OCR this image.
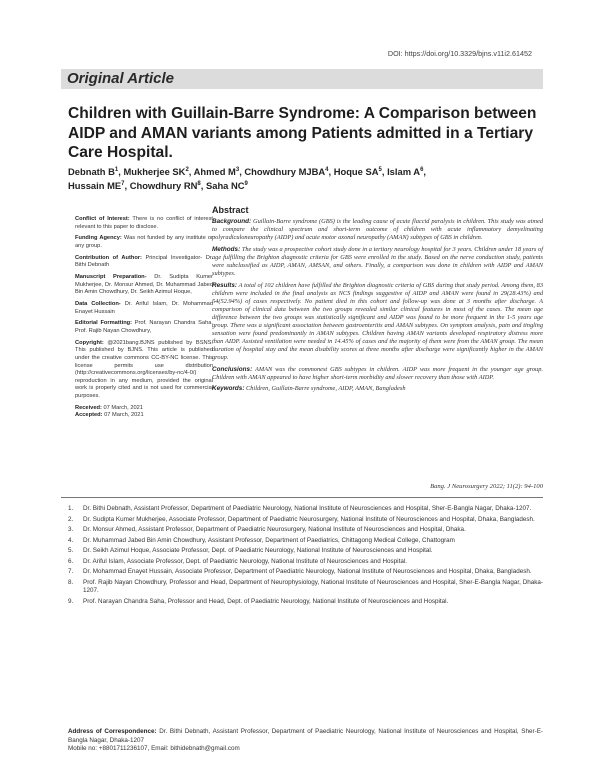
DOI: https://doi.org/10.3329/bjns.v11i2.61452
Original Article
Children with Guillain-Barre Syndrome: A Comparison between AIDP and AMAN variants among Patients admitted in a Tertiary Care Hospital.
Debnath $B^1$, Mukherjee $SK^2$, Ahmed $M^3$, Chowdhury MJBA$^4$, Hoque $SA^5$, Islam $A^6$,
Hussain $ME^7$, Chowdhury $RN^8$, Saha $NC^9$

Conflict of Interest: There is no conflict of interest relevant to this paper to disclose.

Funding Agency: Was not funded by any institute or any group.

Contribution of Author: Principal Investigator- Dr. Bithi Debnath

Manuscript Preparation- Dr. Sudipta Kumer Mukherjee, Dr. Monsur Ahmed, Dr. Muhammad Jabed Bin Amin Chowdhury, Dr. Seikh Azimul Hoque,

Data Collection- Dr. Ariful Islam, Dr. Mohammad Enayet Hussain

Editorial Formatting: Prof. Narayan Chandra Saha, Prof. Rajib Nayan Chowdhury,

Copyright: @2021bang.BJNS published by BSNS. This published by BJNS. This article is published under the creative commons CC-BY-NC license. This license permits use distribution (http://creativecommons.org/licenses/by-nc/4-0/) reproduction in any medium, provided the original work is properly cited and is not used for commercial purposes.

Received: 07 March, 2021
Accepted: 07 March, 2021
Abstract

Background: Guillain-Barre syndrome (GBS) is the leading cause of acute flaccid paralysis in children. This study was aimed to compare the clinical spectrum and short-term outcome of children with acute inflammatory demyelinating polyradiculoneuropathy (AIDP) and acute motor axonal neuropathy (AMAN) subtypes of GBS in children.

Methods: The study was a prospective cohort study done in a tertiary neurology hospital for 3 years. Children under 18 years of age fulfilling the Brighton diagnostic criteria for GBS were enrolled in the study. Based on the nerve conduction study, patients were subclassified as AIDP, AMAN, AMSAN, and others. Finally, a comparison was done in children with AIDP and AMAN subtypes.

Results: A total of 102 children have fulfilled the Brighton diagnostic criteria of GBS during that study period. Among them, 83 children were included in the final analysis as NCS findings suggestive of AIDP and AMAN were found in 29(28.43%) and 54(52.94%) of cases respectively. No patient died in this cohort and follow-up was done at 3 months after discharge. A comparison of clinical data between the two groups revealed similar clinical features in most of the cases. The mean age difference between the two groups was statistically significant and AIDP was found to be more frequent in the 1-5 years age group. There was a significant association between gastroenteritis and AMAN subtypes. On symptom analysis, pain and tingling sensation were found predominantly in AMAN subtypes. Children having AMAN variants developed respiratory distress more than AIDP. Assisted ventilation were needed in 14.45% of cases and the majority of them were from the AMAN group. The mean duration of hospital stay and the mean disability scores at three months after discharge were significantly higher in the AMAN group.

Conclusions: AMAN was the commonest GBS subtypes in children. AIDP was more frequent in the younger age group. Children with AMAN appeared to have higher short-term morbidity and slower recovery than those with AIDP.

Keywords: Children, Guillain-Barre syndrome, AIDP, AMAN, Bangladesh

Bang. J Neurosurgery 2022; 11(2): 94-100
1. Dr. Bithi Debnath, Assistant Professor, Department of Paediatric Neurology, National Institute of Neurosciences and Hospital, Sher-E-Bangla Nagar, Dhaka-1207.
2. Dr. Sudipta Kumer Mukherjee, Associate Professor, Department of Paediatric Neurosurgery, National Institute of Neurosciences and Hospital, Dhaka, Bangladesh.
3. Dr. Monsur Ahmed, Assistant Professor, Department of Paediatric Neurosurgery, National Institute of Neurosciences and Hospital, Dhaka.
4. Dr. Muhammad Jabed Bin Amin Chowdhury, Assistant Professor, Department of Paediatrics, Chittagong Medical College, Chattogram
5. Dr. Seikh Azimul Hoque, Associate Professor, Dept. of Paediatric Neurology, National Institute of Neurosciences and Hospital.
6. Dr. Ariful Islam, Associate Professor, Dept. of Paediatric Neurology, National Institute of Neurosciences and Hospital.
7. Dr. Mohammad Enayet Hussain, Associate Professor, Department of Paediatric Neurology, National Institute of Neurosciences and Hospital, Dhaka, Bangladesh.
8. Prof. Rajib Nayan Chowdhury, Professor and Head, Department of Neurophysiology, National Institute of Neurosciences and Hospital, Sher-E-Bangla Nagar, Dhaka-1207.
9. Prof. Narayan Chandra Saha, Professor and Head, Dept. of Paediatric Neurology, National Institute of Neurosciences and Hospital.
Address of Correspondence: Dr. Bithi Debnath, Assistant Professor, Department of Paediatric Neurology, National Institute of Neurosciences and Hospital, Sher-E-Bangla Nagar, Dhaka-1207
Mobile no: +8801711236107, Email: bithidebnath@gmail.com
